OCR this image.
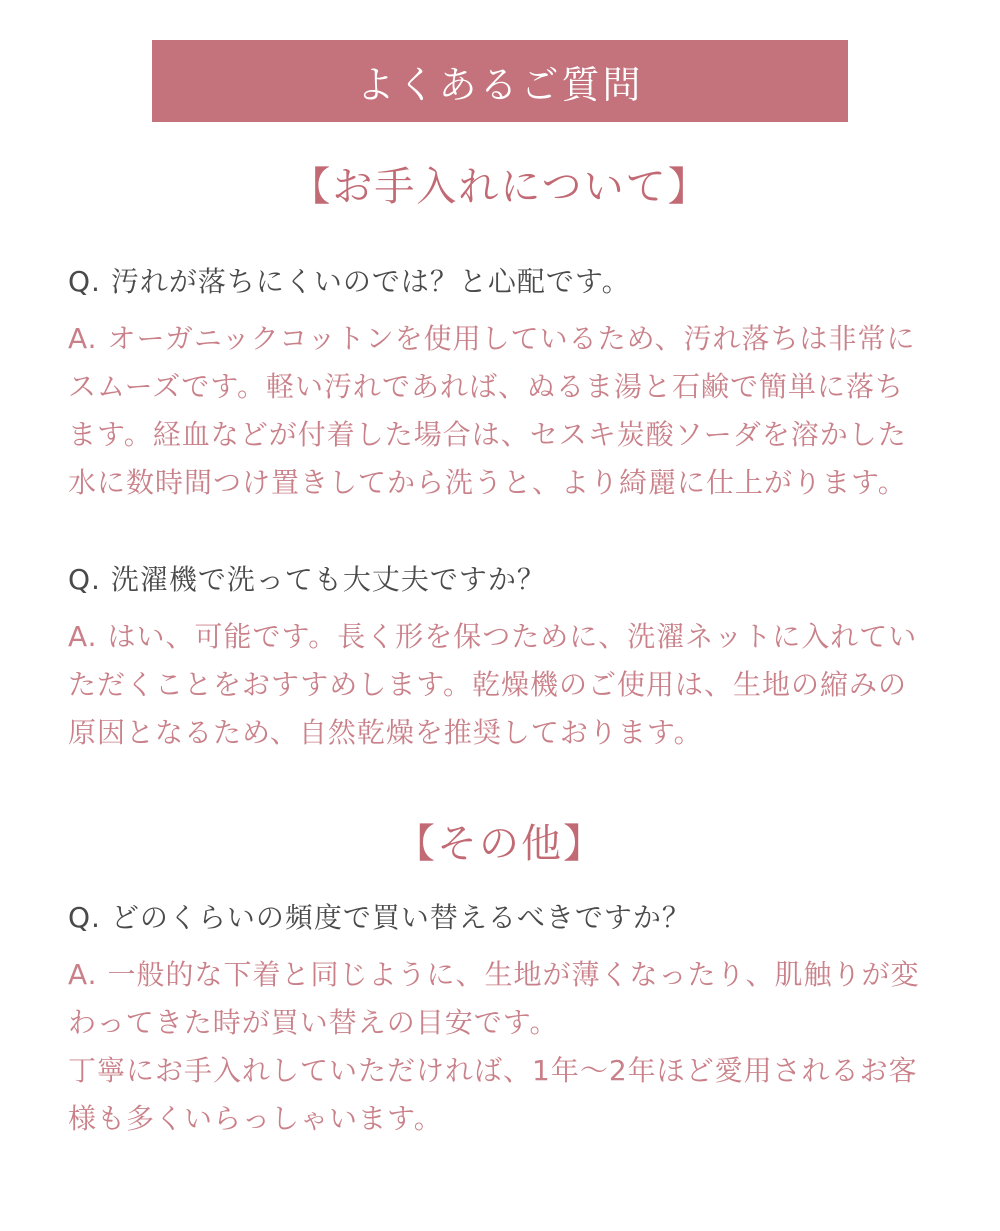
よくあるご質問
【お手入れについて】
Q. 汚れが落ちにくいのでは？と心配です。
A. オーガニックコットンを使用しているため、汚れ落ちは非常に
スムーズです。軽い汚れであれば、ぬるま湯と石鹸で簡単に落ち
ます。経血などが付着した場合は、セスキ炭酸ソーダを溶かした
水に数時間つけ置きしてから洗うと、より綺麗に仕上がります。
Q. 洗濯機で洗っても大丈夫ですか？
A. はい、可能です。長く形を保つために、洗濯ネットに入れてい
ただくことをおすすめします。乾燥機のご使用は、生地の縮みの
原因となるため、自然乾燥を推奨しております。
【その他】
Q. どのくらいの頻度で買い替えるべきですか？
A. 一般的な下着と同じように、生地が薄くなったり、肌触りが変
わってきた時が買い替えの目安です。
丁寧にお手入れしていただければ、1年〜2年ほど愛用されるお客
様も多くいらっしゃいます。
